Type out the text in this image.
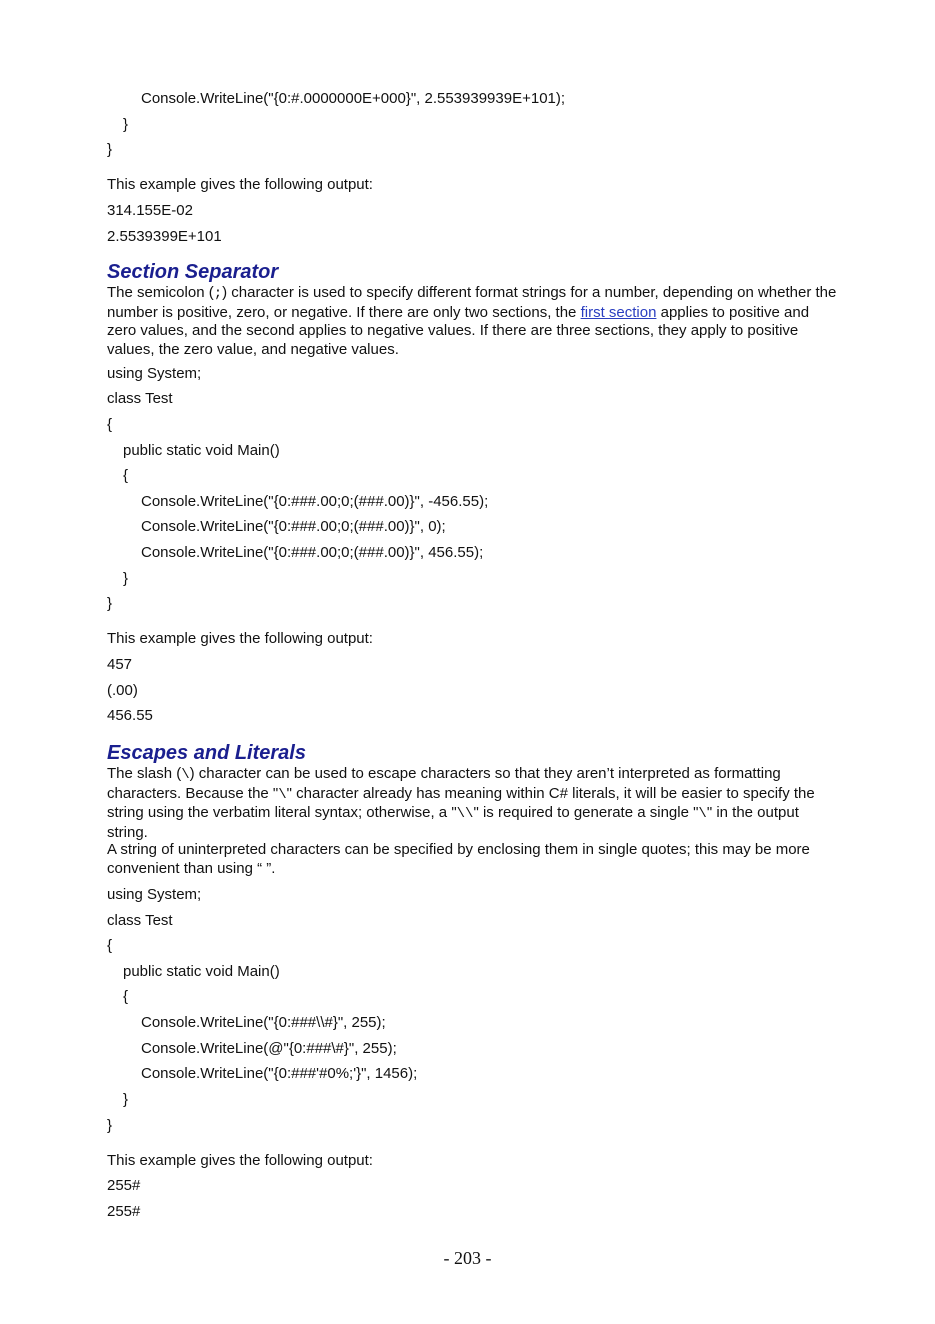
Console.WriteLine("{0:#.0000000E+000}", 2.553939939E+101);
}
}
This example gives the following output:
314.155E-02
2.5539399E+101
Section Separator
The semicolon (;) character is used to specify different format strings for a number, depending on whether the number is positive, zero, or negative. If there are only two sections, the first section applies to positive and zero values, and the second applies to negative values. If there are three sections, they apply to positive values, the zero value, and negative values.
using System;
class Test
{
public static void Main()
{
Console.WriteLine("{0:###.00;0;(###.00)}", -456.55);
Console.WriteLine("{0:###.00;0;(###.00)}", 0);
Console.WriteLine("{0:###.00;0;(###.00)}", 456.55);
}
}
This example gives the following output:
457
(.00)
456.55
Escapes and Literals
The slash (\) character can be used to escape characters so that they aren’t interpreted as formatting characters. Because the "\" character already has meaning within C# literals, it will be easier to specify the string using the verbatim literal syntax; otherwise, a "\\" is required to generate a single "\" in the output string.
A string of uninterpreted characters can be specified by enclosing them in single quotes; this may be more convenient than using “ ”.
using System;
class Test
{
public static void Main()
{
Console.WriteLine("{0:###\\#}", 255);
Console.WriteLine(@"{0:###\#}", 255);
Console.WriteLine("{0:###'#0%;'}", 1456);
}
}
This example gives the following output:
255#
255#
- 203 -
